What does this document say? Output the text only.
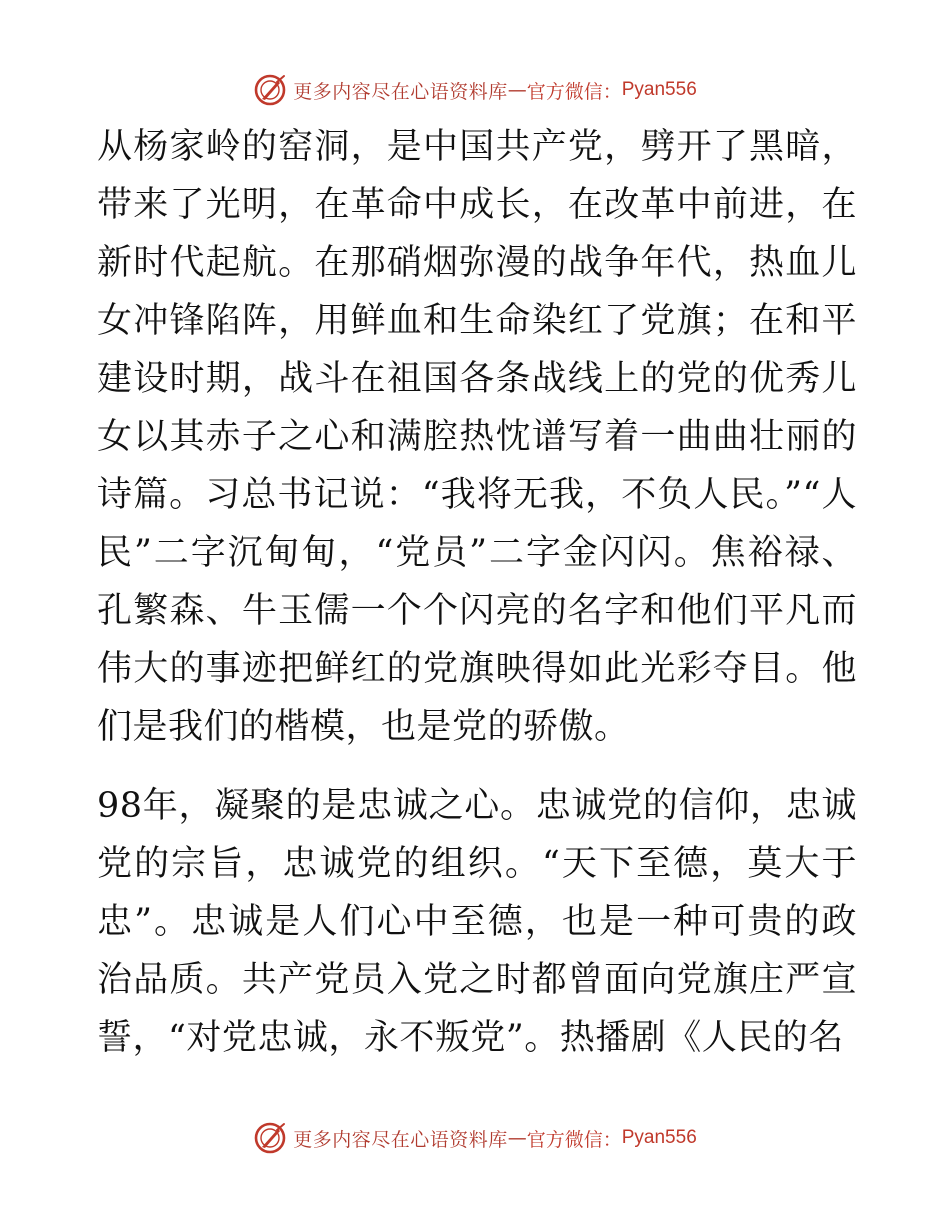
更多内容尽在心语资料库 — 官方微信： Pyan556

从杨家岭的窑洞，是中国共产党，劈开了黑暗，带来了光明，在革命中成长，在改革中前进，在新时代起航。在那硝烟弥漫的战争年代，热血儿女冲锋陷阵，用鲜血和生命染红了党旗；在和平建设时期，战斗在祖国各条战线上的党的优秀儿女以其赤子之心和满腔热忱谱写着一曲曲壮丽的诗篇。习总书记说：“我将无我，不负人民。”“人民”二字沉甸甸，“党员”二字金闪闪。焦裕禄、孔繁森、牛玉儒一个个闪亮的名字和他们平凡而伟大的事迹把鲜红的党旗映得如此光彩夺目。他们是我们的楷模，也是党的骄傲。

98年，凝聚的是忠诚之心。忠诚党的信仰，忠诚党的宗旨，忠诚党的组织。“天下至德，莫大于忠”。忠诚是人们心中至德，也是一种可贵的政治品质。共产党员入党之时都曾面向党旗庄严宣誓，“对党忠诚，永不叛党”。热播剧《人民的名

更多内容尽在心语资料库 — 官方微信： Pyan556
